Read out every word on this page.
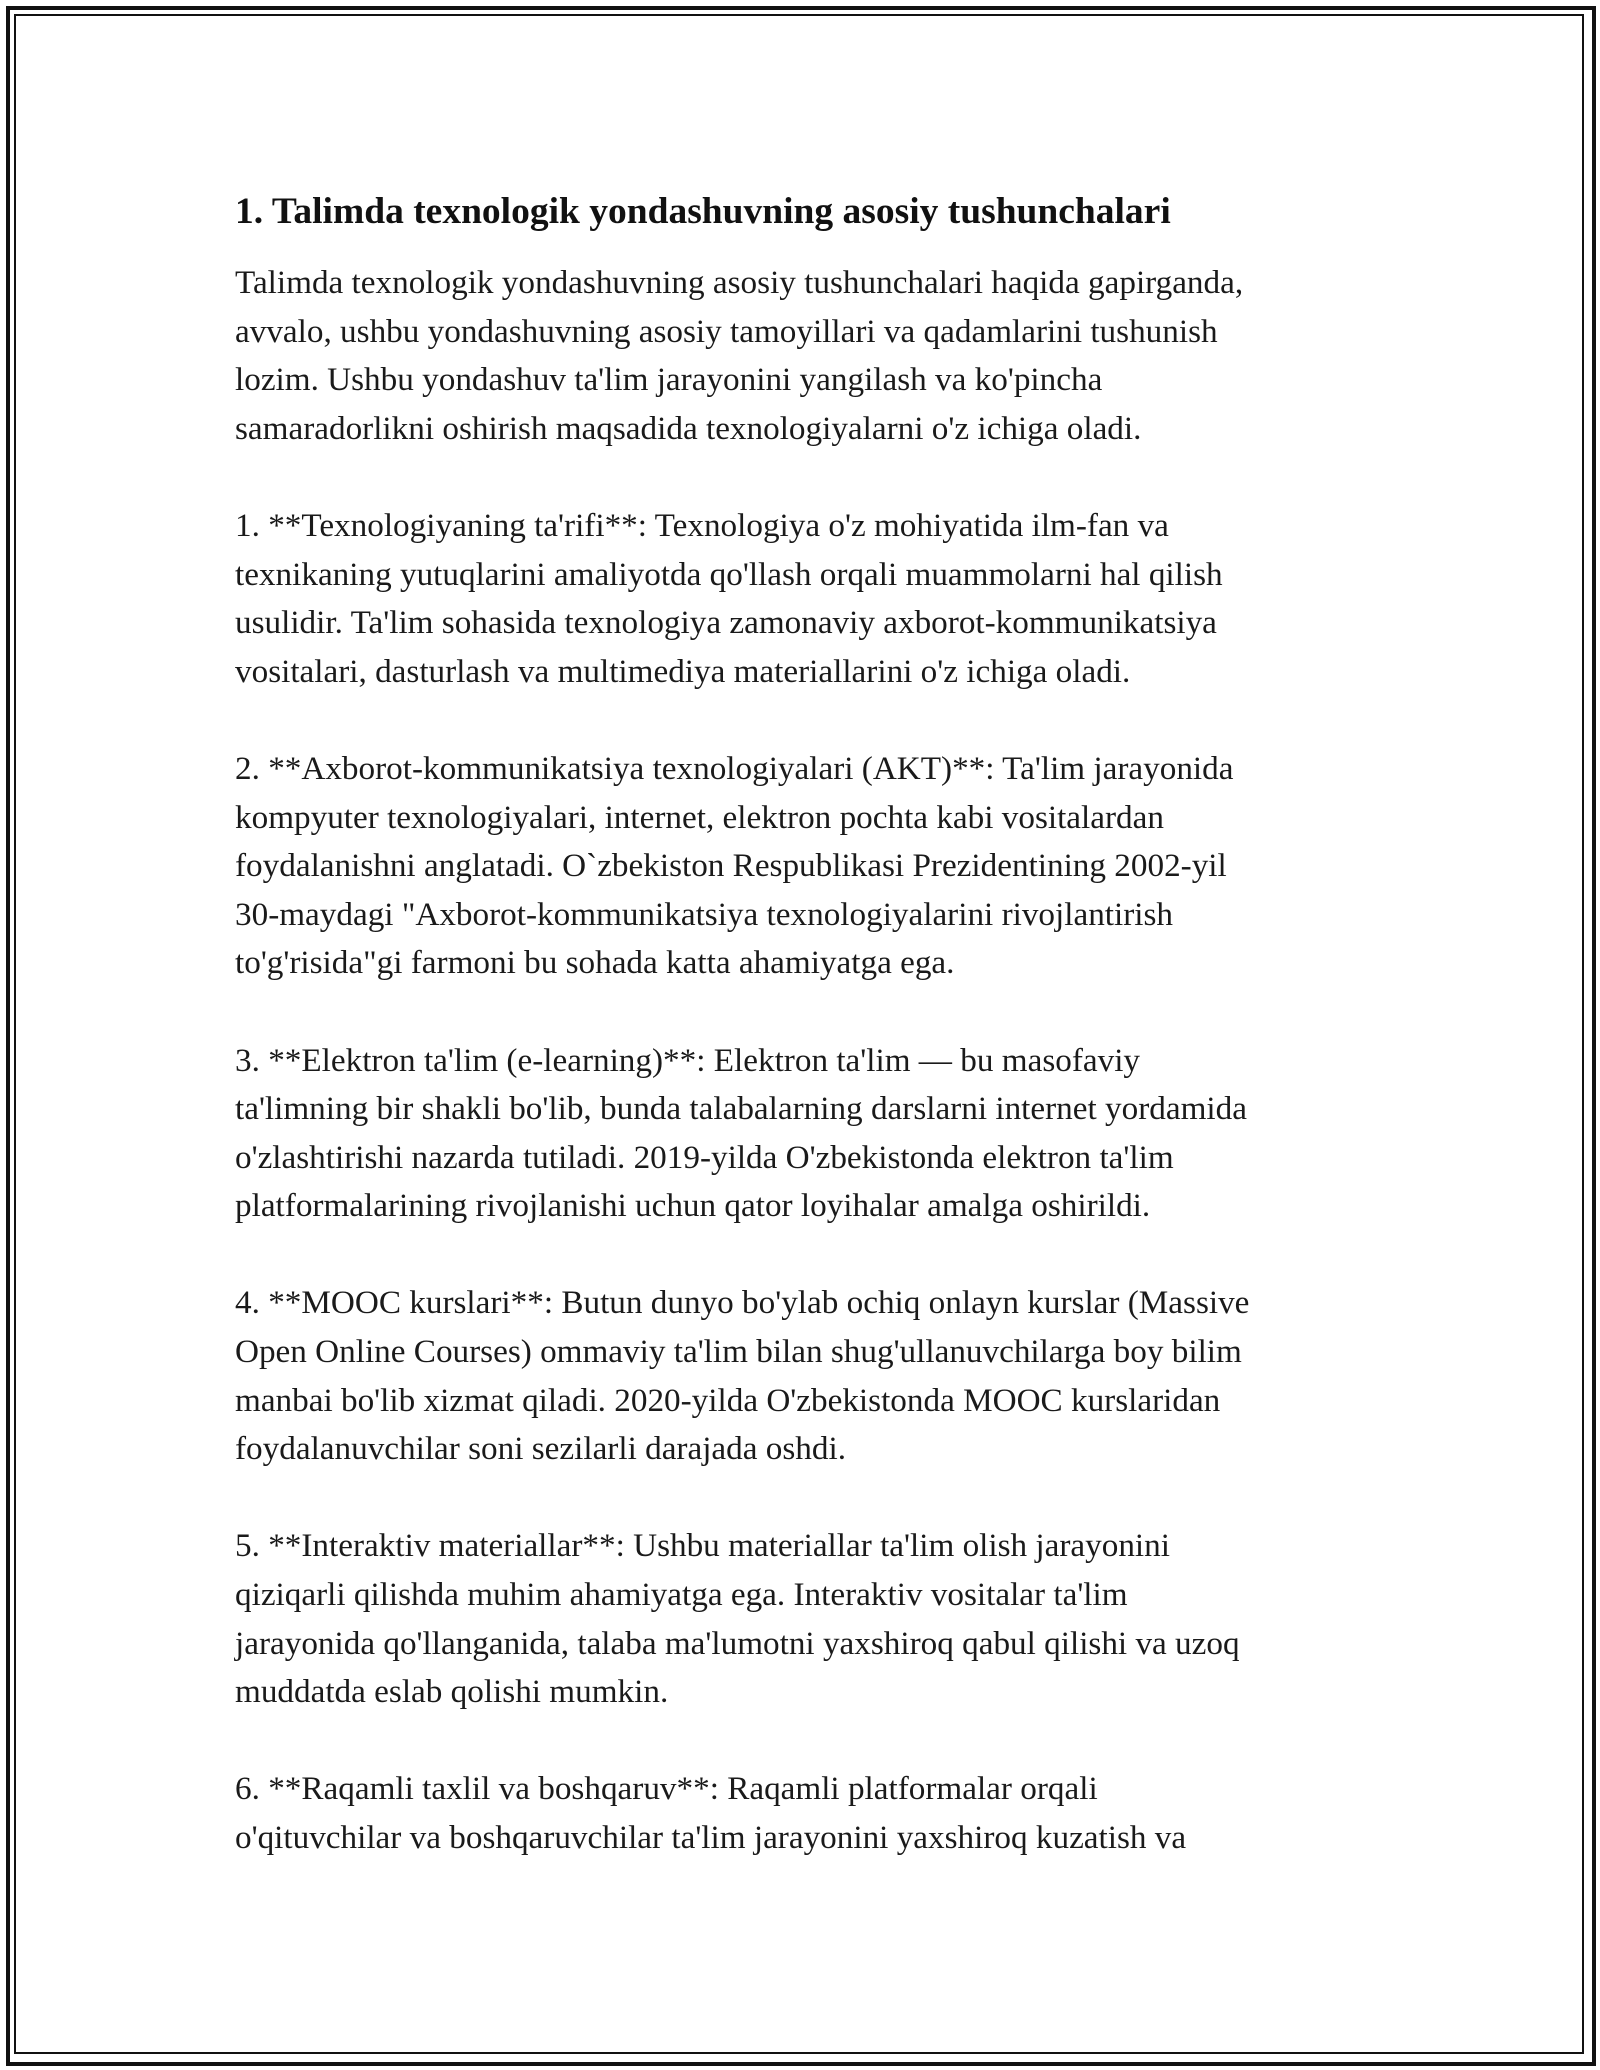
1. Talimda texnologik yondashuvning asosiy tushunchalari

Talimda texnologik yondashuvning asosiy tushunchalari haqida gapirganda,
avvalo, ushbu yondashuvning asosiy tamoyillari va qadamlarini tushunish
lozim. Ushbu yondashuv ta'lim jarayonini yangilash va ko'pincha
samaradorlikni oshirish maqsadida texnologiyalarni o'z ichiga oladi.

1. **Texnologiyaning ta'rifi**: Texnologiya o'z mohiyatida ilm-fan va
texnikaning yutuqlarini amaliyotda qo'llash orqali muammolarni hal qilish
usulidir. Ta'lim sohasida texnologiya zamonaviy axborot-kommunikatsiya
vositalari, dasturlash va multimediya materiallarini o'z ichiga oladi.

2. **Axborot-kommunikatsiya texnologiyalari (AKT)**: Ta'lim jarayonida
kompyuter texnologiyalari, internet, elektron pochta kabi vositalardan
foydalanishni anglatadi. O`zbekiston Respublikasi Prezidentining 2002-yil
30-maydagi "Axborot-kommunikatsiya texnologiyalarini rivojlantirish
to'g'risida"gi farmoni bu sohada katta ahamiyatga ega.

3. **Elektron ta'lim (e-learning)**: Elektron ta'lim — bu masofaviy
ta'limning bir shakli bo'lib, bunda talabalarning darslarni internet yordamida
o'zlashtirishi nazarda tutiladi. 2019-yilda O'zbekistonda elektron ta'lim
platformalarining rivojlanishi uchun qator loyihalar amalga oshirildi.

4. **MOOC kurslari**: Butun dunyo bo'ylab ochiq onlayn kurslar (Massive
Open Online Courses) ommaviy ta'lim bilan shug'ullanuvchilarga boy bilim
manbai bo'lib xizmat qiladi. 2020-yilda O'zbekistonda MOOC kurslaridan
foydalanuvchilar soni sezilarli darajada oshdi.

5. **Interaktiv materiallar**: Ushbu materiallar ta'lim olish jarayonini
qiziqarli qilishda muhim ahamiyatga ega. Interaktiv vositalar ta'lim
jarayonida qo'llanganida, talaba ma'lumotni yaxshiroq qabul qilishi va uzoq
muddatda eslab qolishi mumkin.

6. **Raqamli taxlil va boshqaruv**: Raqamli platformalar orqali
o'qituvchilar va boshqaruvchilar ta'lim jarayonini yaxshiroq kuzatish va
